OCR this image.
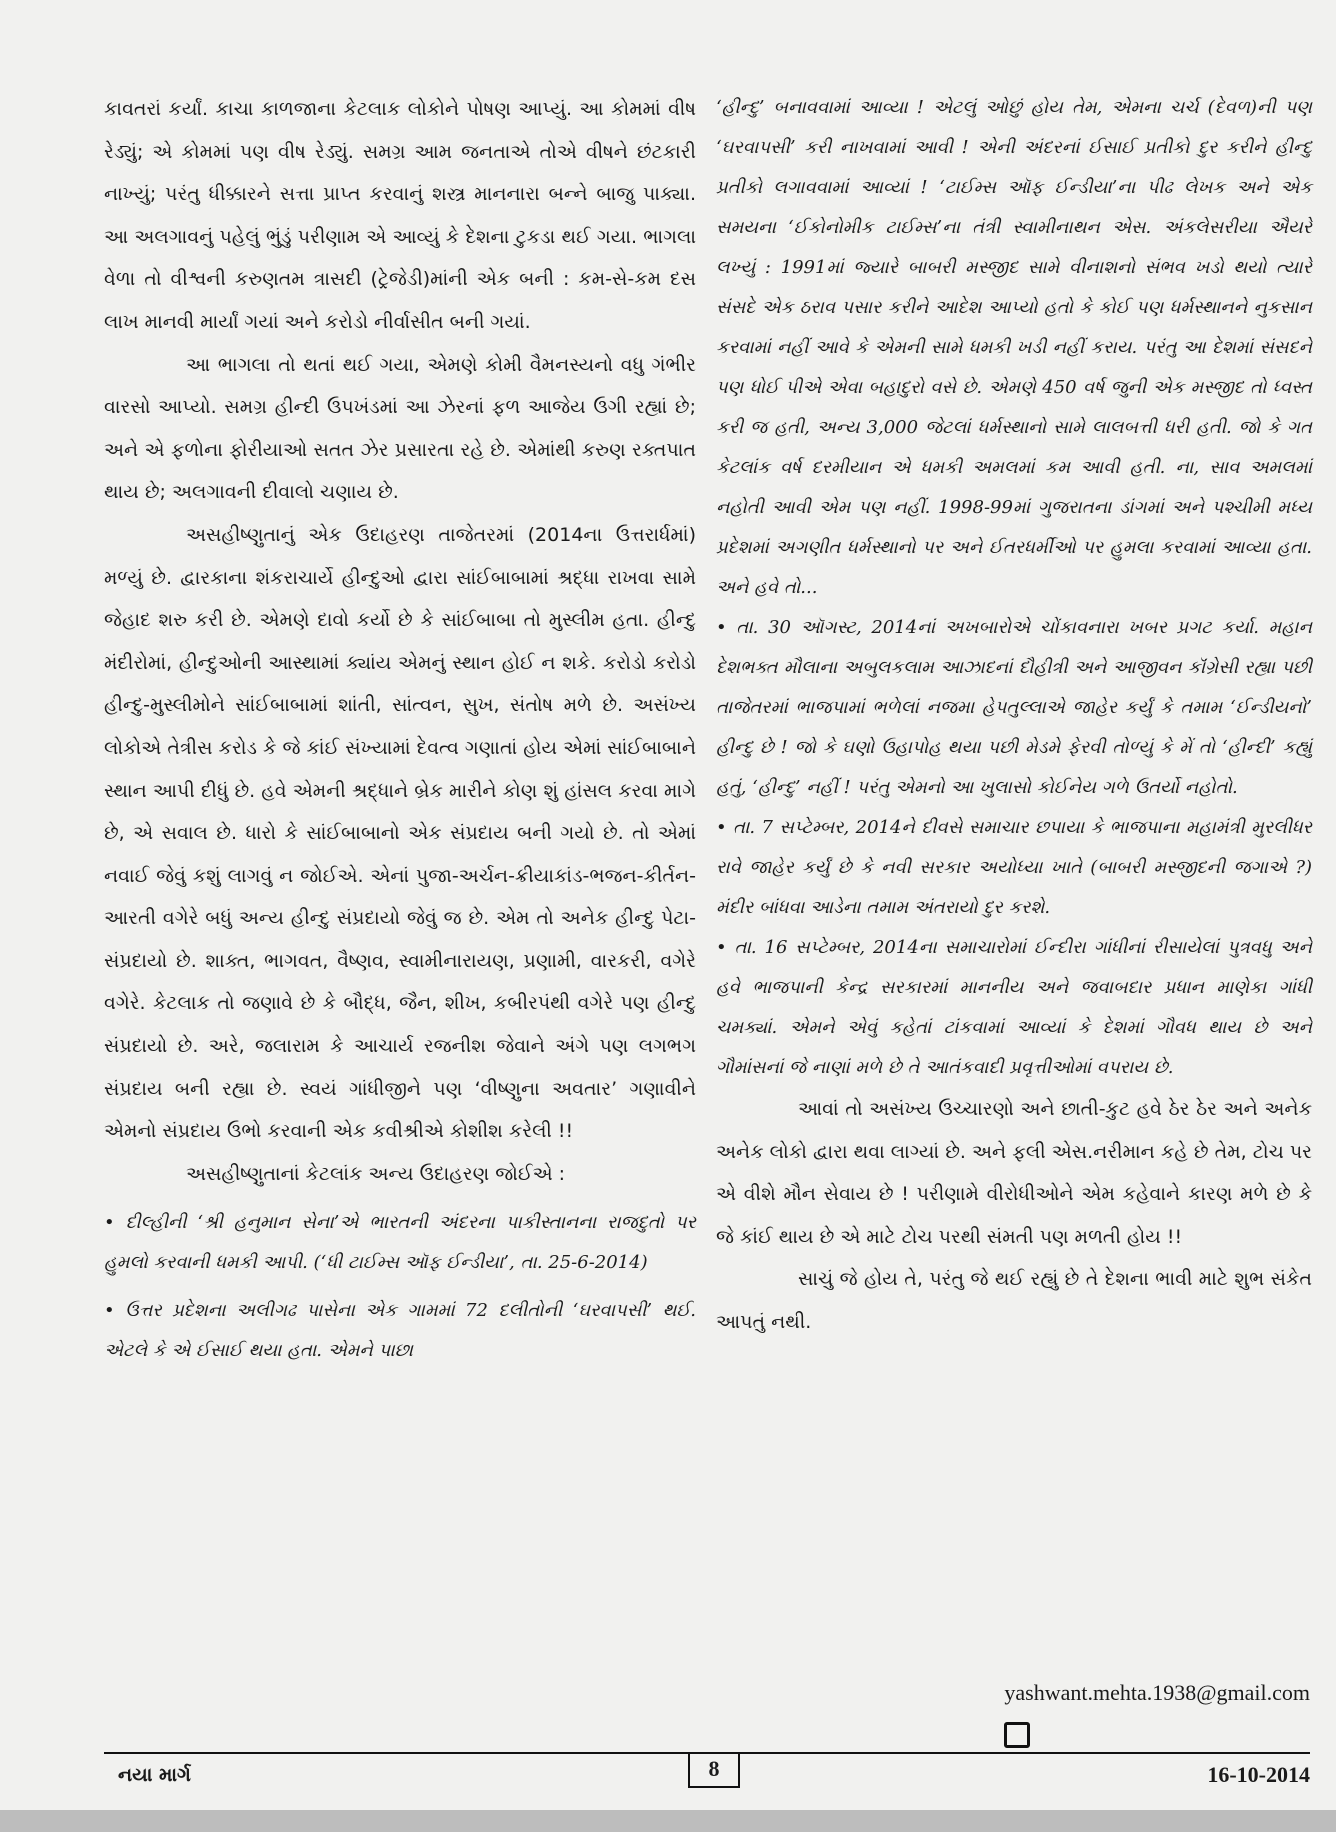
કાવતરાં કર્યાં. કાચા કાળજાના કેટલાક લોકોને પોષણ આપ્યું. આ કોમમાં વીષ રેડ્યું; એ કોમમાં પણ વીષ રેડ્યું. સમગ્ર આમ જનતાએ તોએ વીષને છંટકારી નાખ્યું; પરંતુ ધીક્કારને સત્તા પ્રાપ્ત કરવાનું શસ્ત્ર માનનારા બન્ને બાજુ પાક્યા. આ અલગાવનું પહેલું ભુંડું પરીણામ એ આવ્યું કે દેશના ટુકડા થઈ ગયા. ભાગલા વેળા તો વીશ્વની કરુણતમ ત્રાસદી (ટ્રેજેડી)માંની એક બની : કમ-સે-કમ દસ લાખ માનવી માર્યાં ગયાં અને કરોડો નીર્વાસીત બની ગયાં.

આ ભાગલા તો થતાં થઈ ગયા, એમણે કોમી વૈમનસ્યનો વધુ ગંભીર વારસો આપ્યો. સમગ્ર હીન્દી ઉપખંડમાં આ ઝેરનાં ફળ આજેય ઉગી રહ્યાં છે; અને એ ફળોના ફોરીયાઓ સતત ઝેર પ્રસારતા રહે છે. એમાંથી કરુણ રક્તપાત થાય છે; અલગાવની દીવાલો ચણાય છે.

અસહીષ્ણુતાનું એક ઉદાહરણ તાજેતરમાં (2014ના ઉત્તરાર્ધમાં) મળ્યું છે. દ્વારકાના શંકરાચાર્યે હીન્દુઓ દ્વારા સાંઈબાબામાં શ્રદ્ધા રાખવા સામે જેહાદ શરુ કરી છે. એમણે દાવો કર્યો છે કે સાંઈબાબા તો મુસ્લીમ હતા. હીન્દુ મંદીરોમાં, હીન્દુઓની આસ્થામાં ક્યાંય એમનું સ્થાન હોઈ ન શકે. કરોડો કરોડો હીન્દુ-મુસ્લીમોને સાંઈબાબામાં શાંતી, સાંત્વન, સુખ, સંતોષ મળે છે. અસંખ્ય લોકોએ તેત્રીસ કરોડ કે જે કાંઈ સંખ્યામાં દેવત્વ ગણાતાં હોય એમાં સાંઈબાબાને સ્થાન આપી દીધું છે. હવે એમની શ્રદ્ધાને બ્રેક મારીને કોણ શું હાંસલ કરવા માગે છે, એ સવાલ છે. ધારો કે સાંઈબાબાનો એક સંપ્રદાય બની ગયો છે. તો એમાં નવાઈ જેવું કશું લાગવું ન જોઈએ. એનાં પુજા-અર્ચન-ક્રીયાકાંડ-ભજન-કીર્તન-આરતી વગેરે બધું અન્ય હીન્દુ સંપ્રદાયો જેવું જ છે. એમ તો અનેક હીન્દુ પેટા-સંપ્રદાયો છે. શાક્ત, ભાગવત, વૈષ્ણવ, સ્વામીનારાયણ, પ્રણામી, વારકરી, વગેરે વગેરે. કેટલાક તો જણાવે છે કે બૌદ્ધ, જૈન, શીખ, કબીરપંથી વગેરે પણ હીન્દુ સંપ્રદાયો છે. અરે, જલારામ કે આચાર્ય રજનીશ જેવાને અંગે પણ લગભગ સંપ્રદાય બની રહ્યા છે. સ્વયં ગાંધીજીને પણ ‘વીષ્ણુના અવતાર’ ગણાવીને એમનો સંપ્રદાય ઉભો કરવાની એક કવીશ્રીએ કોશીશ કરેલી !!

અસહીષ્ણુતાનાં કેટલાંક અન્ય ઉદાહરણ જોઈએ :

• દીલ્હીની ‘શ્રી હનુમાન સેના’એ ભારતની અંદરના પાકીસ્તાનના રાજદુતો પર હુમલો કરવાની ધમકી આપી. (‘ધી ટાઈમ્સ ઑફ ઈન્ડીયા’, તા. 25-6-2014)

• ઉત્તર પ્રદેશના અલીગઢ પાસેના એક ગામમાં 72 દલીતોની ‘ઘરવાપસી’ થઈ. એટલે કે એ ઈસાઈ થયા હતા. એમને પાછા

‘હીન્દુ’ બનાવવામાં આવ્યા ! એટલું ઓછું હોય તેમ, એમના ચર્ચ (દેવળ)ની પણ ‘ઘરવાપસી’ કરી નાખવામાં આવી ! એની અંદરનાં ઈસાઈ પ્રતીકો દુર કરીને હીન્દુ પ્રતીકો લગાવવામાં આવ્યાં ! ‘ટાઈમ્સ ઑફ ઈન્ડીયા’ના પીઢ લેખક અને એક સમયના ‘ઈકોનોમીક ટાઈમ્સ’ના તંત્રી સ્વામીનાથન એસ. અંકલેસરીયા ઐયરે લખ્યું : 1991માં જ્યારે બાબરી મસ્જીદ સામે વીનાશનો સંભવ ખડો થયો ત્યારે સંસદે એક ઠરાવ પસાર કરીને આદેશ આપ્યો હતો કે કોઈ પણ ધર્મસ્થાનને નુકસાન કરવામાં નહીં આવે કે એમની સામે ધમકી ખડી નહીં કરાય. પરંતુ આ દેશમાં સંસદને પણ ધોઈ પીએ એવા બહાદુરો વસે છે. એમણે 450 વર્ષ જુની એક મસ્જીદ તો ધ્વસ્ત કરી જ હતી, અન્ય 3,000 જેટલાં ધર્મસ્થાનો સામે લાલબત્તી ધરી હતી. જો કે ગત કેટલાંક વર્ષ દરમીયાન એ ધમકી અમલમાં કમ આવી હતી. ના, સાવ અમલમાં નહોતી આવી એમ પણ નહીં. 1998-99માં ગુજરાતના ડાંગમાં અને પશ્ચીમી મધ્ય પ્રદેશમાં અગણીત ધર્મસ્થાનો પર અને ઈતરધર્મીઓ પર હુમલા કરવામાં આવ્યા હતા. અને હવે તો...

• તા. 30 ઑગસ્ટ, 2014નાં અખબારોએ ચોંકાવનારા ખબર પ્રગટ કર્યા. મહાન દેશભક્ત મૌલાના અબુલકલામ આઝાદનાં દૌહીત્રી અને આજીવન કૉંગ્રેસી રહ્યા પછી તાજેતરમાં ભાજપામાં ભળેલાં નજમા હેપતુલ્લાએ જાહેર કર્યું કે તમામ ‘ઈન્ડીયનો’ હીન્દુ છે ! જો કે ઘણો ઉહાપોહ થયા પછી મેડમે ફેરવી તોળ્યું કે મેં તો ‘હીન્દી’ કહ્યું હતું, ‘હીન્દુ’ નહીં ! પરંતુ એમનો આ ખુલાસો કોઈનેય ગળે ઉતર્યો નહોતો.

• તા. 7 સપ્ટેમ્બર, 2014ને દીવસે સમાચાર છપાયા કે ભાજપાના મહામંત્રી મુરલીધર રાવે જાહેર કર્યું છે કે નવી સરકાર અયોધ્યા ખાતે (બાબરી મસ્જીદની જગાએ ?) મંદીર બાંધવા આડેના તમામ અંતરાયો દુર કરશે.

• તા. 16 સપ્ટેમ્બર, 2014ના સમાચારોમાં ઈન્દીરા ગાંધીનાં રીસાયેલાં પુત્રવધુ અને હવે ભાજપાની કેન્દ્ર સરકારમાં માનનીય અને જવાબદાર પ્રધાન માણેકા ગાંધી ચમક્યાં. એમને એવું કહેતાં ટાંકવામાં આવ્યાં કે દેશમાં ગૌવધ થાય છે અને ગૌમાંસનાં જે નાણાં મળે છે તે આતંકવાદી પ્રવૃત્તીઓમાં વપરાય છે.

આવાં તો અસંખ્ય ઉચ્ચારણો અને છાતી-કુટ હવે ઠેર ઠેર અને અનેક અનેક લોકો દ્વારા થવા લાગ્યાં છે. અને ફલી એસ.નરીમાન કહે છે તેમ, ટોચ પર એ વીશે મૌન સેવાય છે ! પરીણામે વીરોધીઓને એમ કહેવાને કારણ મળે છે કે જે કાંઈ થાય છે એ માટે ટોચ પરથી સંમતી પણ મળતી હોય !!

સાચું જે હોય તે, પરંતુ જે થઈ રહ્યું છે તે દેશના ભાવી માટે શુભ સંકેત આપતું નથી.

yashwant.mehta.1938@gmail.com
નયા માર્ગ	8	16-10-2014
